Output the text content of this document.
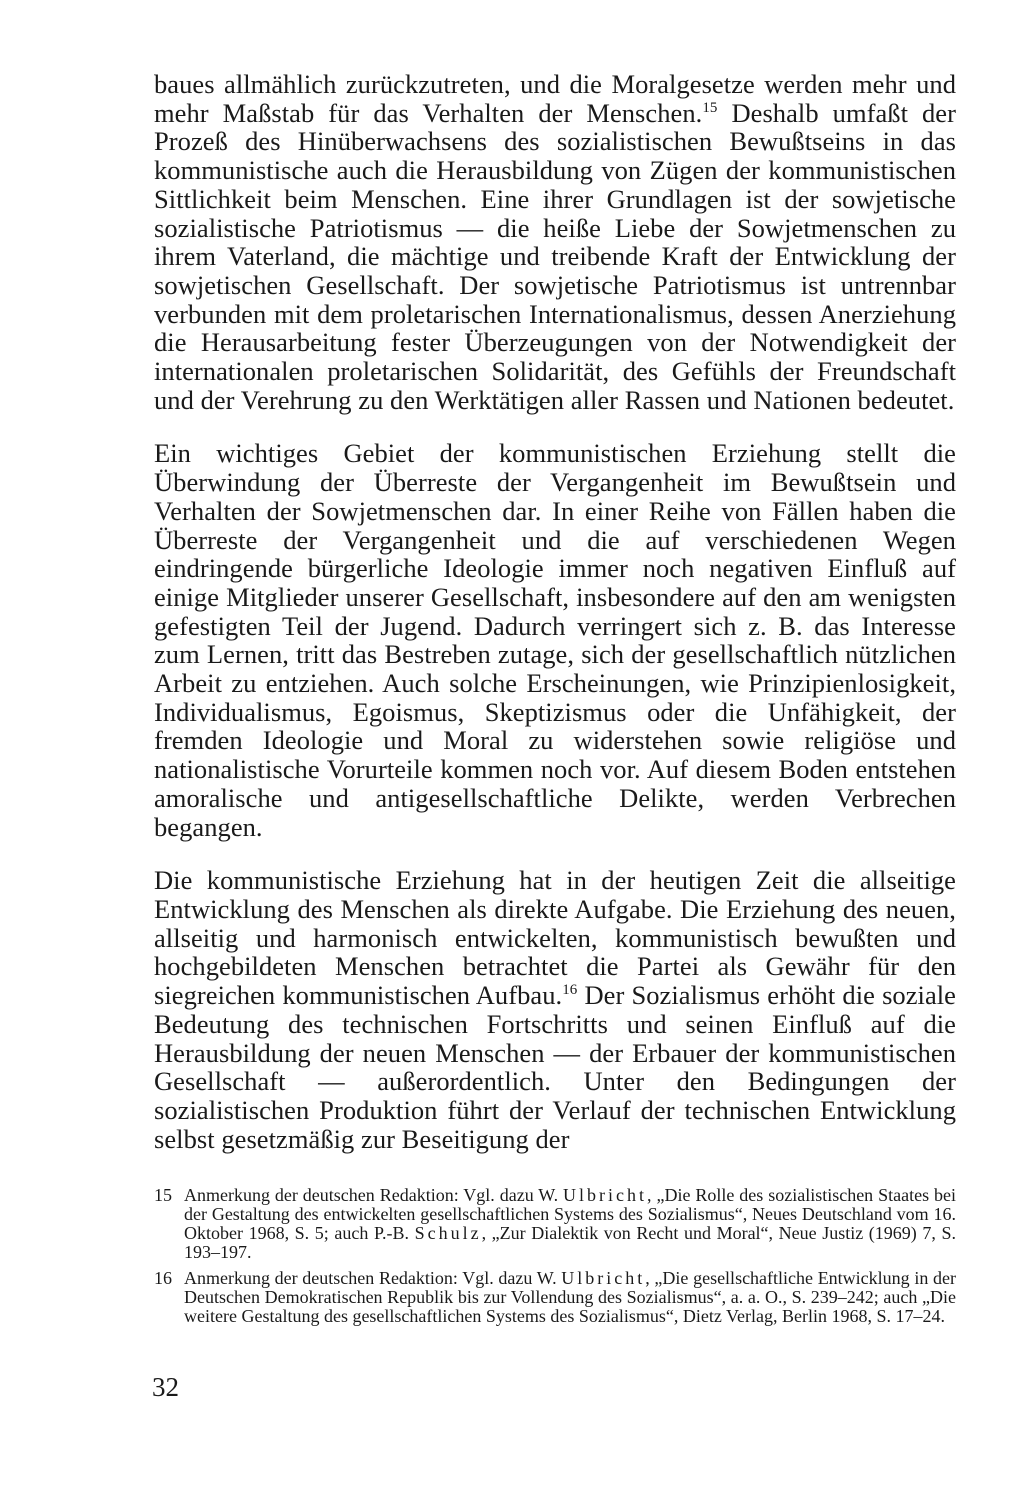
baues allmählich zurückzutreten, und die Moralgesetze werden mehr und mehr Maßstab für das Verhalten der Menschen.$^{15}$ Deshalb umfaßt der Prozeß des Hinüberwachsens des sozialistischen Bewußtseins in das kommunistische auch die Herausbildung von Zügen der kommunistischen Sittlichkeit beim Menschen. Eine ihrer Grundlagen ist der sowjetische sozialistische Patriotismus — die heiße Liebe der Sowjetmenschen zu ihrem Vaterland, die mächtige und treibende Kraft der Entwicklung der sowjetischen Gesellschaft. Der sowjetische Patriotismus ist untrennbar verbunden mit dem proletarischen Internationalismus, dessen Anerziehung die Herausarbeitung fester Überzeugungen von der Notwendigkeit der internationalen proletarischen Solidarität, des Gefühls der Freundschaft und der Verehrung zu den Werktätigen aller Rassen und Nationen bedeutet.

Ein wichtiges Gebiet der kommunistischen Erziehung stellt die Überwindung der Überreste der Vergangenheit im Bewußtsein und Verhalten der Sowjetmenschen dar. In einer Reihe von Fällen haben die Überreste der Vergangenheit und die auf verschiedenen Wegen eindringende bürgerliche Ideologie immer noch negativen Einfluß auf einige Mitglieder unserer Gesellschaft, insbesondere auf den am wenigsten gefestigten Teil der Jugend. Dadurch verringert sich z. B. das Interesse zum Lernen, tritt das Bestreben zutage, sich der gesellschaftlich nützlichen Arbeit zu entziehen. Auch solche Erscheinungen, wie Prinzipienlosigkeit, Individualismus, Egoismus, Skeptizismus oder die Unfähigkeit, der fremden Ideologie und Moral zu widerstehen sowie religiöse und nationalistische Vorurteile kommen noch vor. Auf diesem Boden entstehen amoralische und antigesellschaftliche Delikte, werden Verbrechen begangen.

Die kommunistische Erziehung hat in der heutigen Zeit die allseitige Entwicklung des Menschen als direkte Aufgabe. Die Erziehung des neuen, allseitig und harmonisch entwickelten, kommunistisch bewußten und hochgebildeten Menschen betrachtet die Partei als Gewähr für den siegreichen kommunistischen Aufbau.$^{16}$ Der Sozialismus erhöht die soziale Bedeutung des technischen Fortschritts und seinen Einfluß auf die Herausbildung der neuen Menschen — der Erbauer der kommunistischen Gesellschaft — außerordentlich. Unter den Bedingungen der sozialistischen Produktion führt der Verlauf der technischen Entwicklung selbst gesetzmäßig zur Beseitigung der

15 Anmerkung der deutschen Redaktion: Vgl. dazu W. Ulbricht, „Die Rolle des sozialistischen Staates bei der Gestaltung des entwickelten gesellschaftlichen Systems des Sozialismus“, Neues Deutschland vom 16. Oktober 1968, S. 5; auch P.-B. Schulz, „Zur Dialektik von Recht und Moral“, Neue Justiz (1969) 7, S. 193–197.
16 Anmerkung der deutschen Redaktion: Vgl. dazu W. Ulbricht, „Die gesellschaftliche Entwicklung in der Deutschen Demokratischen Republik bis zur Vollendung des Sozialismus“, a. a. O., S. 239–242; auch „Die weitere Gestaltung des gesellschaftlichen Systems des Sozialismus“, Dietz Verlag, Berlin 1968, S. 17–24.
32
